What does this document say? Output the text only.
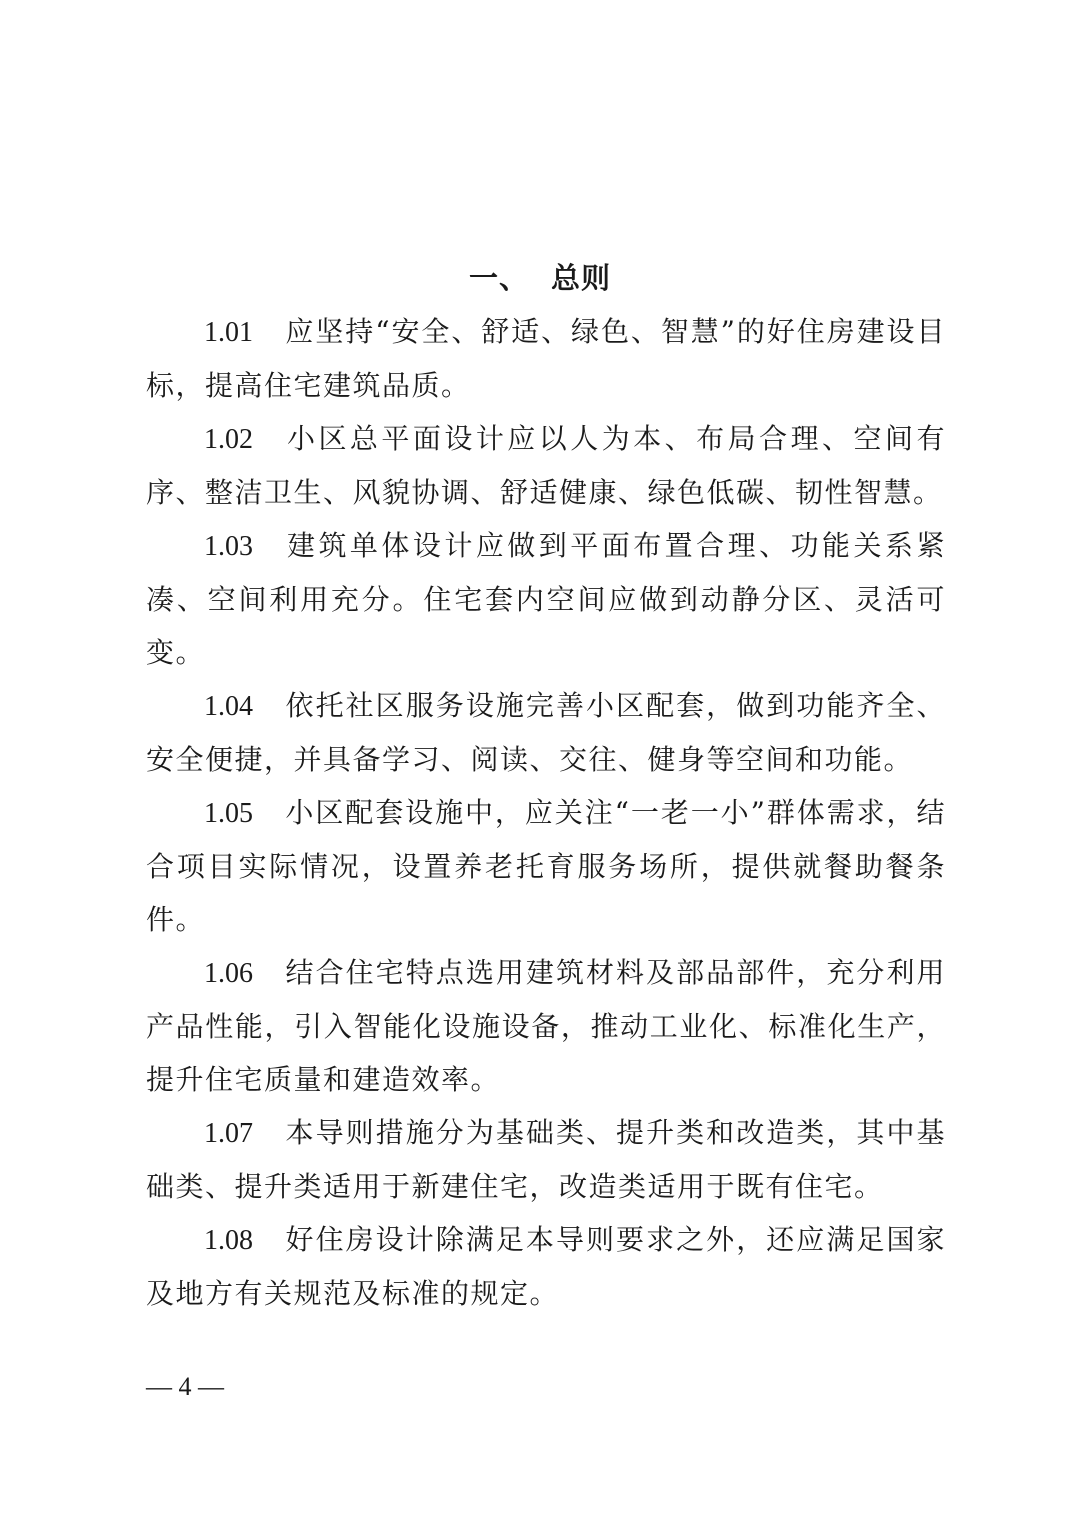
一、 总则

1.01 应坚持“安全、舒适、绿色、智慧”的好住房建设目标，提高住宅建筑品质。

1.02 小区总平面设计应以人为本、布局合理、空间有序、整洁卫生、风貌协调、舒适健康、绿色低碳、韧性智慧。

1.03 建筑单体设计应做到平面布置合理、功能关系紧凑、空间利用充分。住宅套内空间应做到动静分区、灵活可变。

1.04 依托社区服务设施完善小区配套，做到功能齐全、安全便捷，并具备学习、阅读、交往、健身等空间和功能。

1.05 小区配套设施中，应关注“一老一小”群体需求，结合项目实际情况，设置养老托育服务场所，提供就餐助餐条件。

1.06 结合住宅特点选用建筑材料及部品部件，充分利用产品性能，引入智能化设施设备，推动工业化、标准化生产，提升住宅质量和建造效率。

1.07 本导则措施分为基础类、提升类和改造类，其中基础类、提升类适用于新建住宅，改造类适用于既有住宅。

1.08 好住房设计除满足本导则要求之外，还应满足国家及地方有关规范及标准的规定。

— 4 —
